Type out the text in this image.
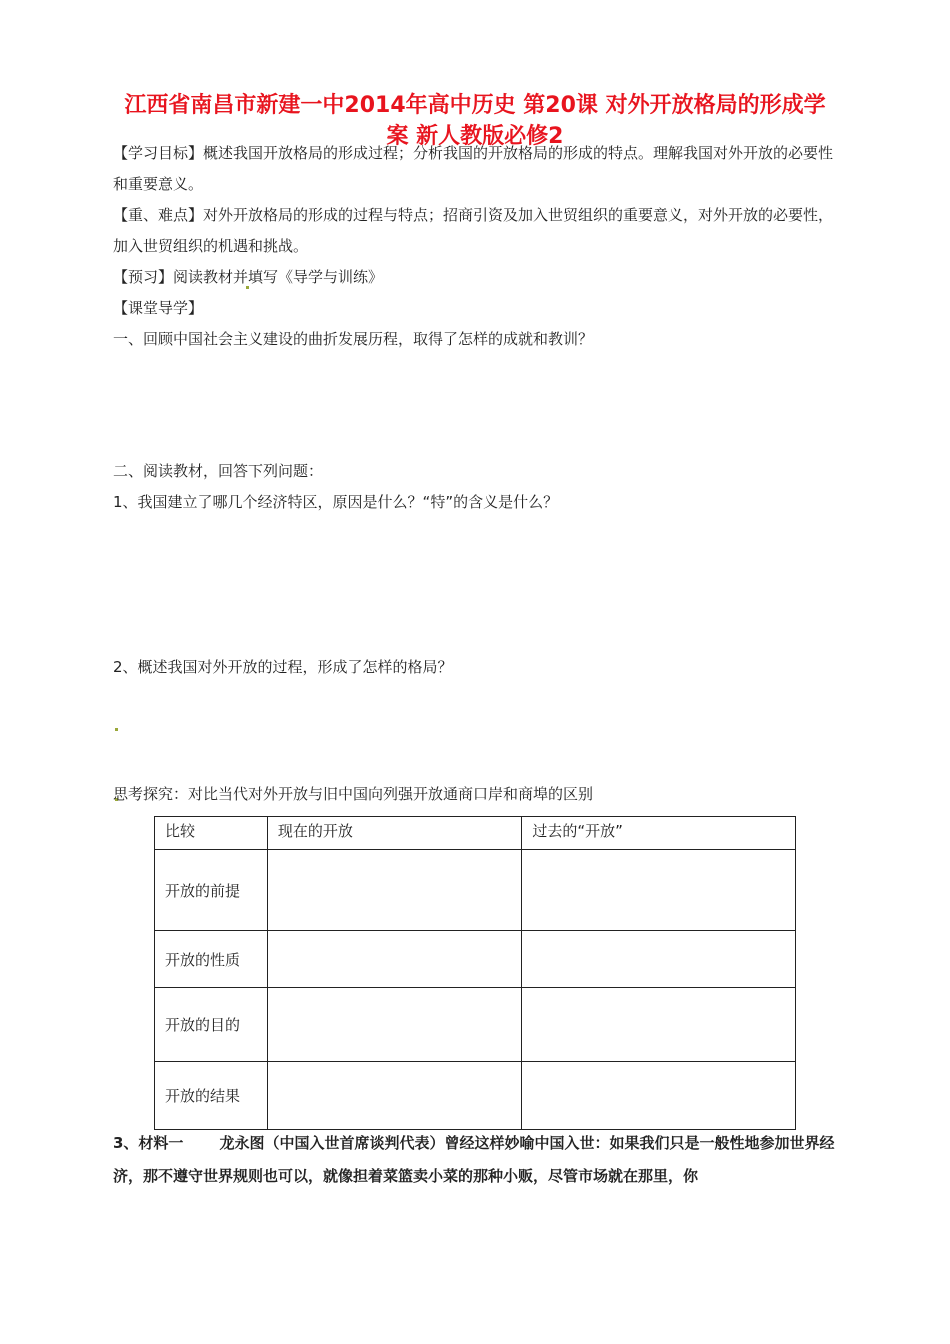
江西省南昌市新建一中2014年高中历史 第20课 对外开放格局的形成学
案 新人教版必修2
【学习目标】概述我国开放格局的形成过程；分析我国的开放格局的形成的特点。理解我国对外开放的必要性和重要意义。
【重、难点】对外开放格局的形成的过程与特点；招商引资及加入世贸组织的重要意义，对外开放的必要性，加入世贸组织的机遇和挑战。
【预习】阅读教材并填写《导学与训练》
【课堂导学】
一、回顾中国社会主义建设的曲折发展历程，取得了怎样的成就和教训？
二、阅读教材，回答下列问题：
1、我国建立了哪几个经济特区，原因是什么？“特”的含义是什么？
2、概述我国对外开放的过程，形成了怎样的格局？
思考探究：对比当代对外开放与旧中国向列强开放通商口岸和商埠的区别
比较	现在的开放	过去的“开放”
开放的前提		
开放的性质		
开放的目的		
开放的结果		
3、材料一 龙永图（中国入世首席谈判代表）曾经这样妙喻中国入世：如果我们只是一般性地参加世界经济，那不遵守世界规则也可以，就像担着菜篮卖小菜的那种小贩，尽管市场就在那里，你
